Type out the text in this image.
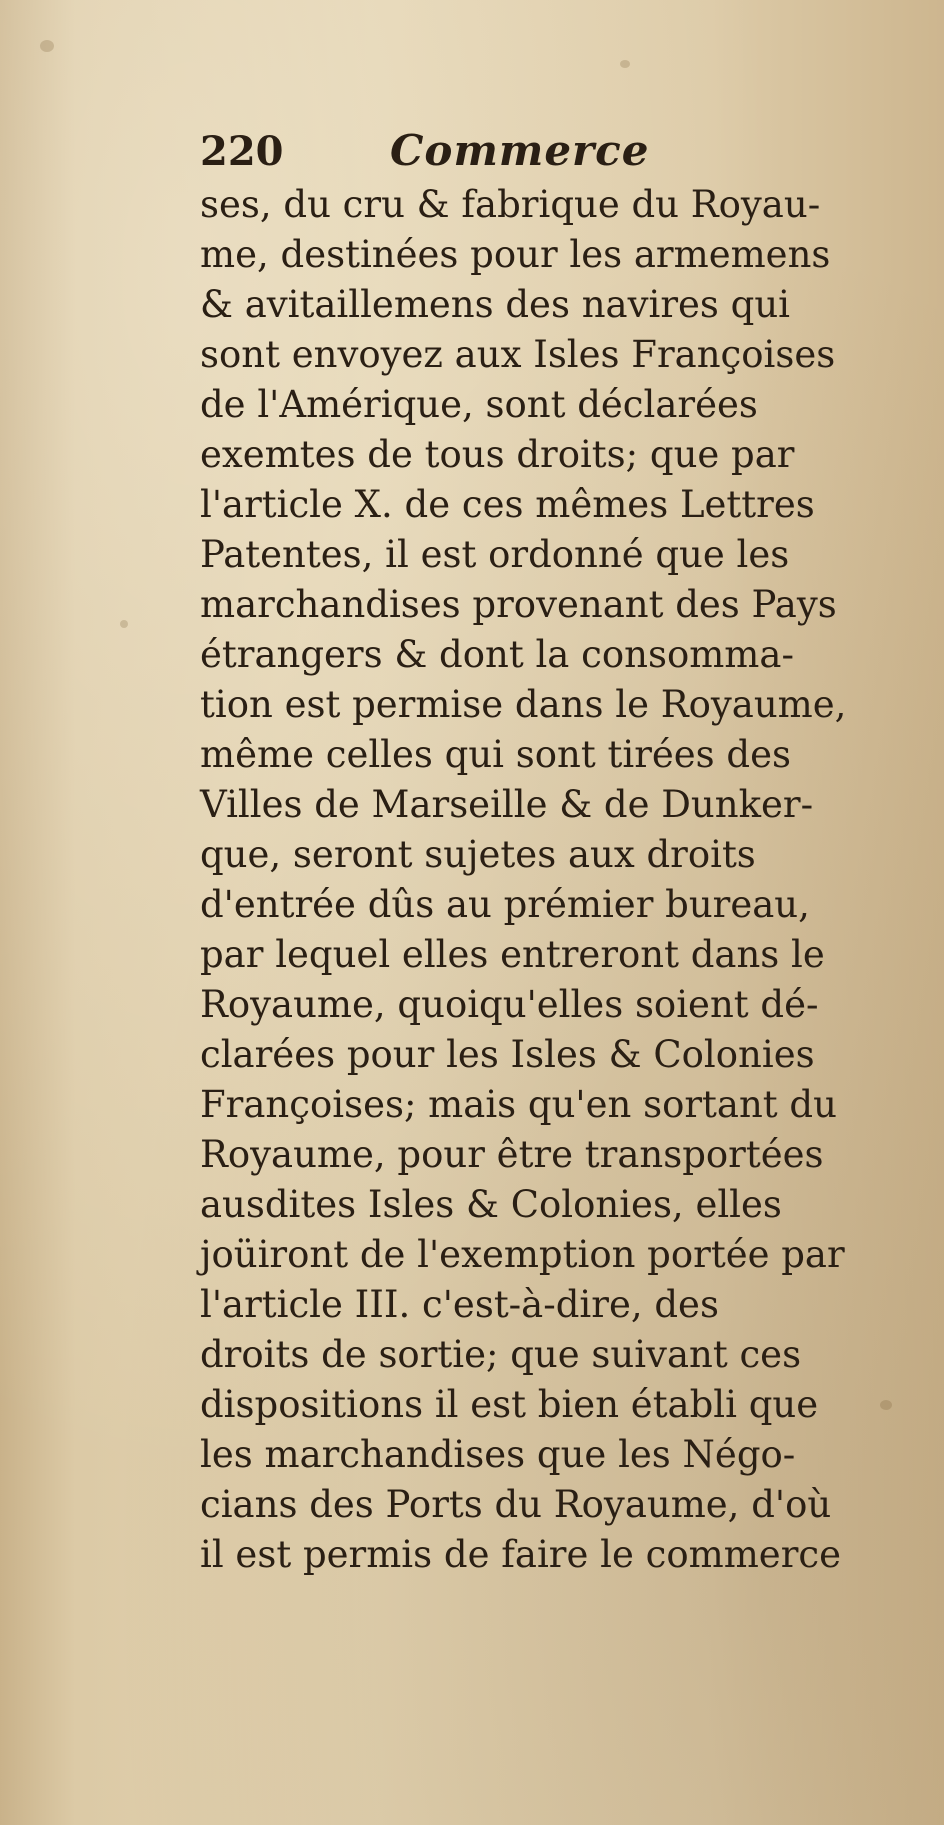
220	Commerce
ses, du cru & fabrique du Royau-
me, destinées pour les armemens
& avitaillemens des navires qui
sont envoyez aux Isles Françoises
de l'Amérique, sont déclarées
exemtes de tous droits; que par
l'article X. de ces mêmes Lettres
Patentes, il est ordonné que les
marchandises provenant des Pays
étrangers & dont la consomma-
tion est permise dans le Royaume,
même celles qui sont tirées des
Villes de Marseille & de Dunker-
que, seront sujetes aux droits
d'entrée dûs au prémier bureau,
par lequel elles entreront dans le
Royaume, quoiqu'elles soient dé-
clarées pour les Isles & Colonies
Françoises; mais qu'en sortant du
Royaume, pour être transportées
ausdites Isles & Colonies, elles
joüiront de l'exemption portée par
l'article III. c'est-à-dire, des
droits de sortie; que suivant ces
dispositions il est bien établi que
les marchandises que les Négo-
cians des Ports du Royaume, d'où
il est permis de faire le commerce
